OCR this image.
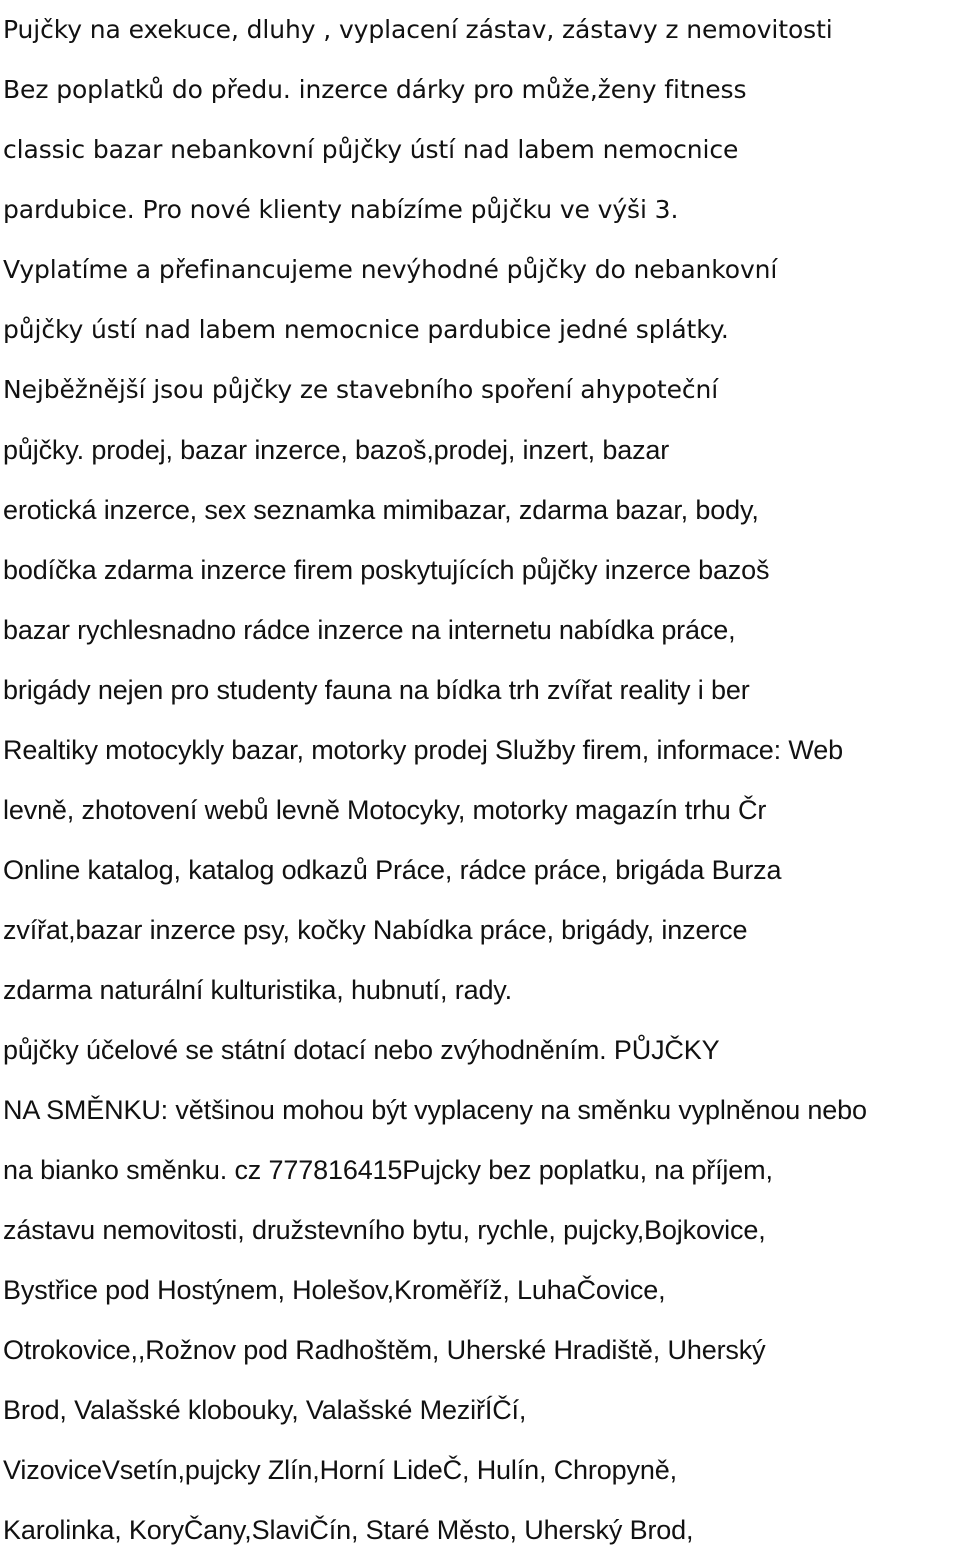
Pujčky na exekuce, dluhy , vyplacení zástav, zástavy z nemovitosti
Bez poplatků do předu. inzerce dárky pro může,ženy fitness
classic bazar nebankovní půjčky ústí nad labem nemocnice
pardubice. Pro nové klienty nabízíme půjčku ve výši 3.
Vyplatíme a přefinancujeme nevýhodné půjčky do nebankovní
půjčky ústí nad labem nemocnice pardubice jedné splátky.
Nejběžnější jsou půjčky ze stavebního spoření ahypoteční
půjčky. prodej, bazar inzerce, bazoš,prodej, inzert, bazar
erotická inzerce, sex seznamka mimibazar, zdarma bazar, body,
bodíčka zdarma inzerce firem poskytujících půjčky inzerce bazoš
bazar rychlesnadno rádce inzerce na internetu nabídka práce,
brigády nejen pro studenty fauna na bídka trh zvířat reality i ber
Realtiky motocykly bazar, motorky prodej Služby firem, informace: Web
levně, zhotovení webů levně Motocyky, motorky magazín trhu Čr
Online katalog, katalog odkazů Práce, rádce práce, brigáda Burza
zvířat,bazar inzerce psy, kočky Nabídka práce, brigády, inzerce
zdarma naturální kulturistika, hubnutí, rady.
půjčky účelové se státní dotací nebo zvýhodněním. PŮJČKY
NA SMĚNKU: většinou mohou být vyplaceny na směnku vyplněnou nebo
na bianko směnku. cz 777816415Pujcky bez poplatku, na příjem,
zástavu nemovitosti, družstevního bytu, rychle, pujcky,Bojkovice,
Bystřice pod Hostýnem, Holešov,Kroměříž, LuhaČovice,
Otrokovice,,Rožnov pod Radhoštěm, Uherské Hradiště, Uherský
Brod, Valašské klobouky, Valašské MeziřÍČí,
VizoviceVsetín,pujcky Zlín,Horní LideČ, Hulín, Chropyně,
Karolinka, KoryČany,SlaviČín, Staré Město, Uherský Brod,
